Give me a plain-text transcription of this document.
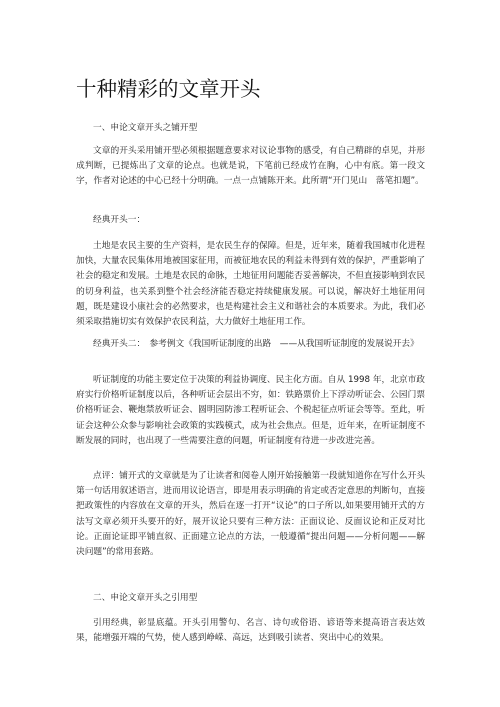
十种精彩的文章开头
一、申论文章开头之铺开型
文章的开头采用铺开型必须根据题意要求对议论事物的感受，有自己精辟的卓见，并形成判断，已提炼出了文章的论点。也就是说，下笔前已经成竹在胸，心中有底。第一段文字，作者对论述的中心已经十分明确。一点一点铺陈开来。此所谓“开门见山　落笔扣题”。
经典开头一：
土地是农民主要的生产资料，是农民生存的保障。但是，近年来，随着我国城市化进程加快，大量农民集体用地被国家征用，而被征地农民的利益未得到有效的保护，严重影响了社会的稳定和发展。土地是农民的命脉，土地征用问题能否妥善解决，不但直接影响到农民的切身利益，也关系到整个社会经济能否稳定持续健康发展。可以说，解决好土地征用问题，既是建设小康社会的必然要求，也是构建社会主义和谐社会的本质要求。为此，我们必须采取措施切实有效保护农民利益，大力做好土地征用工作。
经典开头二：　参考例文《我国听证制度的出路　——从我国听证制度的发展说开去》
听证制度的功能主要定位于决策的利益协调度、民主化方面。自从 1998 年，北京市政府实行价格听证制度以后，各种听证会层出不穷，如：铁路票价上下浮动听证会、公园门票价格听证会、鞭炮禁放听证会、圆明园防渗工程听证会、个税起征点听证会等等。至此，听证会这种公众参与影响社会政策的实践模式，成为社会焦点。但是，近年来，在听证制度不断发展的同时，也出现了一些需要注意的问题，听证制度有待进一步改进完善。
点评：铺开式的文章就是为了让读者和阅卷人刚开始接触第一段就知道你在写什么开头第一句话用叙述语言，进而用议论语言，即是用表示明确的肯定或否定意思的判断句，直接把政策性的内容放在文章的开头，然后在逐一打开“议论”的口子所以,如果要用铺开式的方法写文章必须开头要开的好，展开议论只要有三种方法：正面议论、反面议论和正反对比论。正面论证即平铺直叙、正面建立论点的方法，一般遵循“提出问题——分析问题——解决问题”的常用套路。
二、申论文章开头之引用型
引用经典，彰显底蕴。开头引用警句、名言、诗句或俗语、谚语等来提高语言表达效果，能增强开端的气势，使人感到峥嵘、高远，达到吸引读者、突出中心的效果。
